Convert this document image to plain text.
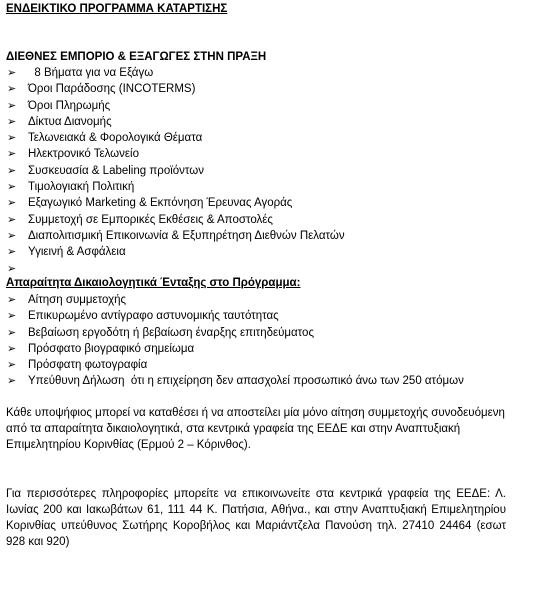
ΕΝΔΕΙΚΤΙΚΟ ΠΡΟΓΡΑΜΜΑ ΚΑΤΑΡΤΙΣΗΣ
ΔΙΕΘΝΕΣ ΕΜΠΟΡΙΟ & ΕΞΑΓΩΓΕΣ ΣΤΗΝ ΠΡΑΞΗ
➢ 8 Βήματα για να Εξάγω
➢ Όροι Παράδοσης (INCOTERMS)
➢ Όροι Πληρωμής
➢ Δίκτυα Διανομής
➢ Τελωνειακά & Φορολογικά Θέματα
➢ Ηλεκτρονικό Τελωνείο
➢ Συσκευασία & Labeling προϊόντων
➢ Τιμολογιακή Πολιτική
➢ Εξαγωγικό Marketing & Εκπόνηση Έρευνας Αγοράς
➢ Συμμετοχή σε Εμπορικές Εκθέσεις & Αποστολές
➢ Διαπολιτισμική Επικοινωνία & Εξυπηρέτηση Διεθνών Πελατών
➢ Υγιεινή & Ασφάλεια
➢
Απαραίτητα Δικαιολογητικά Ένταξης στο Πρόγραμμα:
➢ Αίτηση συμμετοχής
➢ Επικυρωμένο αντίγραφο αστυνομικής ταυτότητας
➢ Βεβαίωση εργοδότη ή βεβαίωση έναρξης επιτηδεύματος
➢ Πρόσφατο βιογραφικό σημείωμα
➢ Πρόσφατη φωτογραφία
➢ Υπεύθυνη Δήλωση  ότι η επιχείρηση δεν απασχολεί προσωπικό άνω των 250 ατόμων
Κάθε υποψήφιος μπορεί να καταθέσει ή να αποστείλει μία μόνο αίτηση συμμετοχής συνοδευόμενη από τα απαραίτητα δικαιολογητικά, στα κεντρικά γραφεία της ΕΕΔΕ και στην Αναπτυξιακή Επιμελητηρίου Κορινθίας (Ερμού 2 – Κόρινθος).
Για περισσότερες πληροφορίες μπορείτε να επικοινωνείτε στα κεντρικά γραφεία της ΕΕΔΕ: Λ. Ιωνίας 200 και Ιακωβάτων 61, 111 44 Κ. Πατήσια, Αθήνα., και στην Αναπτυξιακή Επιμελητηρίου Κορινθίας υπεύθυνος Σωτήρης Κοροβήλος και Μαριάντζελα Πανούση τηλ. 27410 24464 (εσωτ 928 και 920)
